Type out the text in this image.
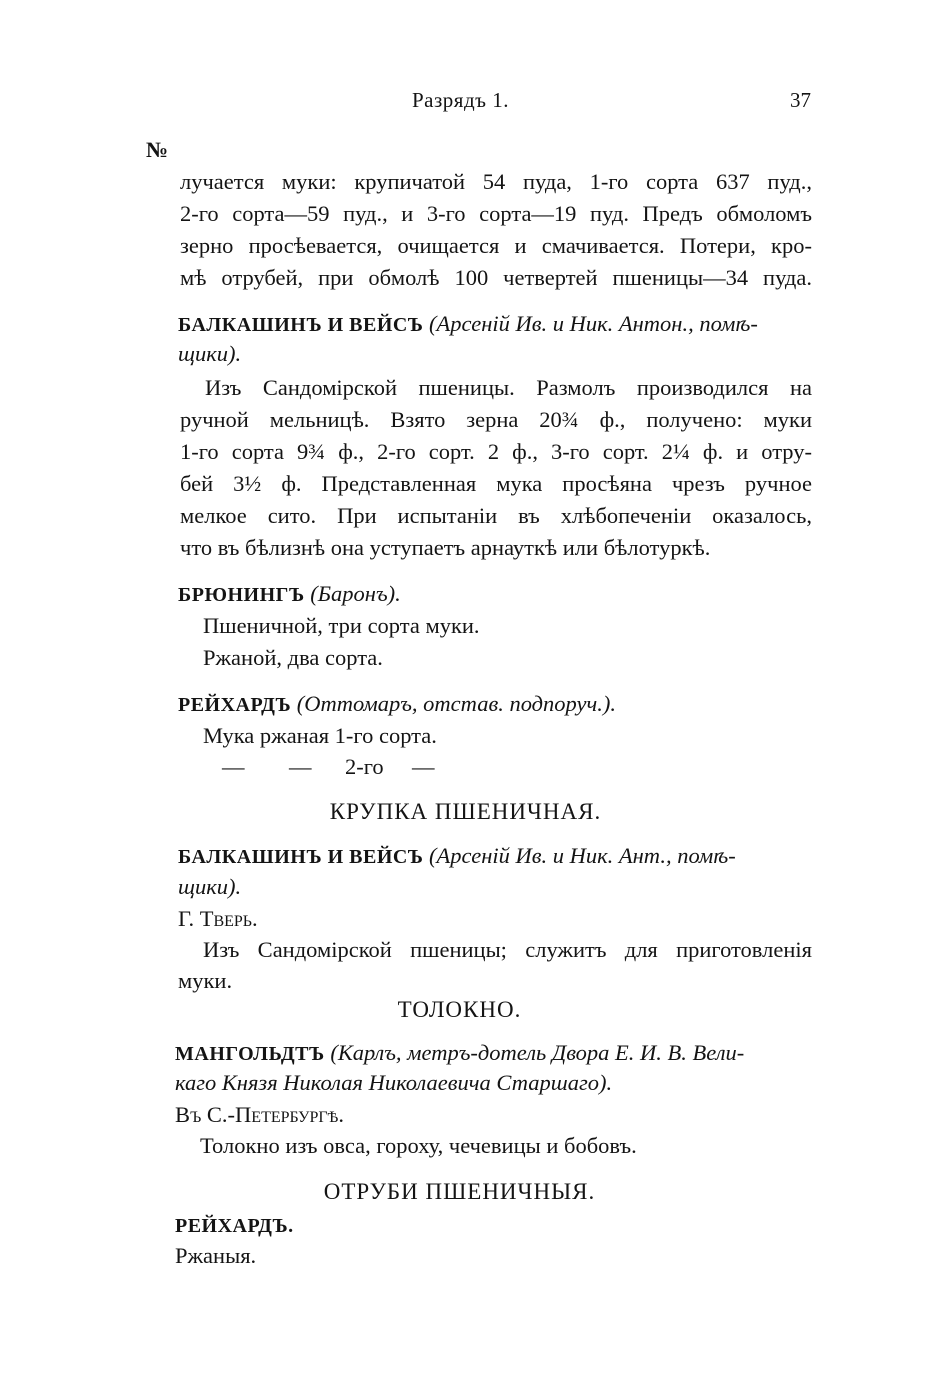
Разрядъ 1.	37
№
лучается муки: крупичатой 54 пуда, 1-го сорта 637 пуд.,
2-го сорта—59 пуд., и 3-го сорта—19 пуд. Предъ обмоломъ
зерно просѣевается, очищается и смачивается. Потери, кро-
мѣ отрубей, при обмолѣ 100 четвертей пшеницы—34 пуда.
БАЛКАШИНЪ И ВЕЙСЪ (Арсеній Ив. и Ник. Антон., помѣ-
щики).
Изъ Сандомірской пшеницы. Размолъ производился на
ручной мельницѣ. Взято зерна 20¾ ф., получено: муки
1-го сорта 9¾ ф., 2-го сорт. 2 ф., 3-го сорт. 2¼ ф. и отру-
бей 3½ ф. Представленная мука просѣяна чрезъ ручное
мелкое сито. При испытаніи въ хлѣбопеченіи оказалось,
что въ бѣлизнѣ она уступаетъ арнауткѣ или бѣлотуркѣ.
БРЮНИНГЪ (Баронъ).
Пшеничной, три сорта муки.
Ржаной, два сорта.
РЕЙХАРДЪ (Оттомаръ, отстав. подпоруч.).
Мука ржаная 1-го сорта.
— — 2-го —
КРУПКА ПШЕНИЧНАЯ.
БАЛКАШИНЪ И ВЕЙСЪ (Арсеній Ив. и Ник. Ант., помѣ-
щики).
Г. Тверь.
Изъ Сандомірской пшеницы; служитъ для приготовленія
муки.
ТОЛОКНО.
МАНГОЛЬДТЪ (Карлъ, метръ-дотель Двора Е. И. В. Вели-
каго Князя Николая Николаевича Старшаго).
Въ С.-Петербургѣ.
Толокно изъ овса, гороху, чечевицы и бобовъ.
ОТРУБИ ПШЕНИЧНЫЯ.
РЕЙХАРДЪ.
Ржаныя.
